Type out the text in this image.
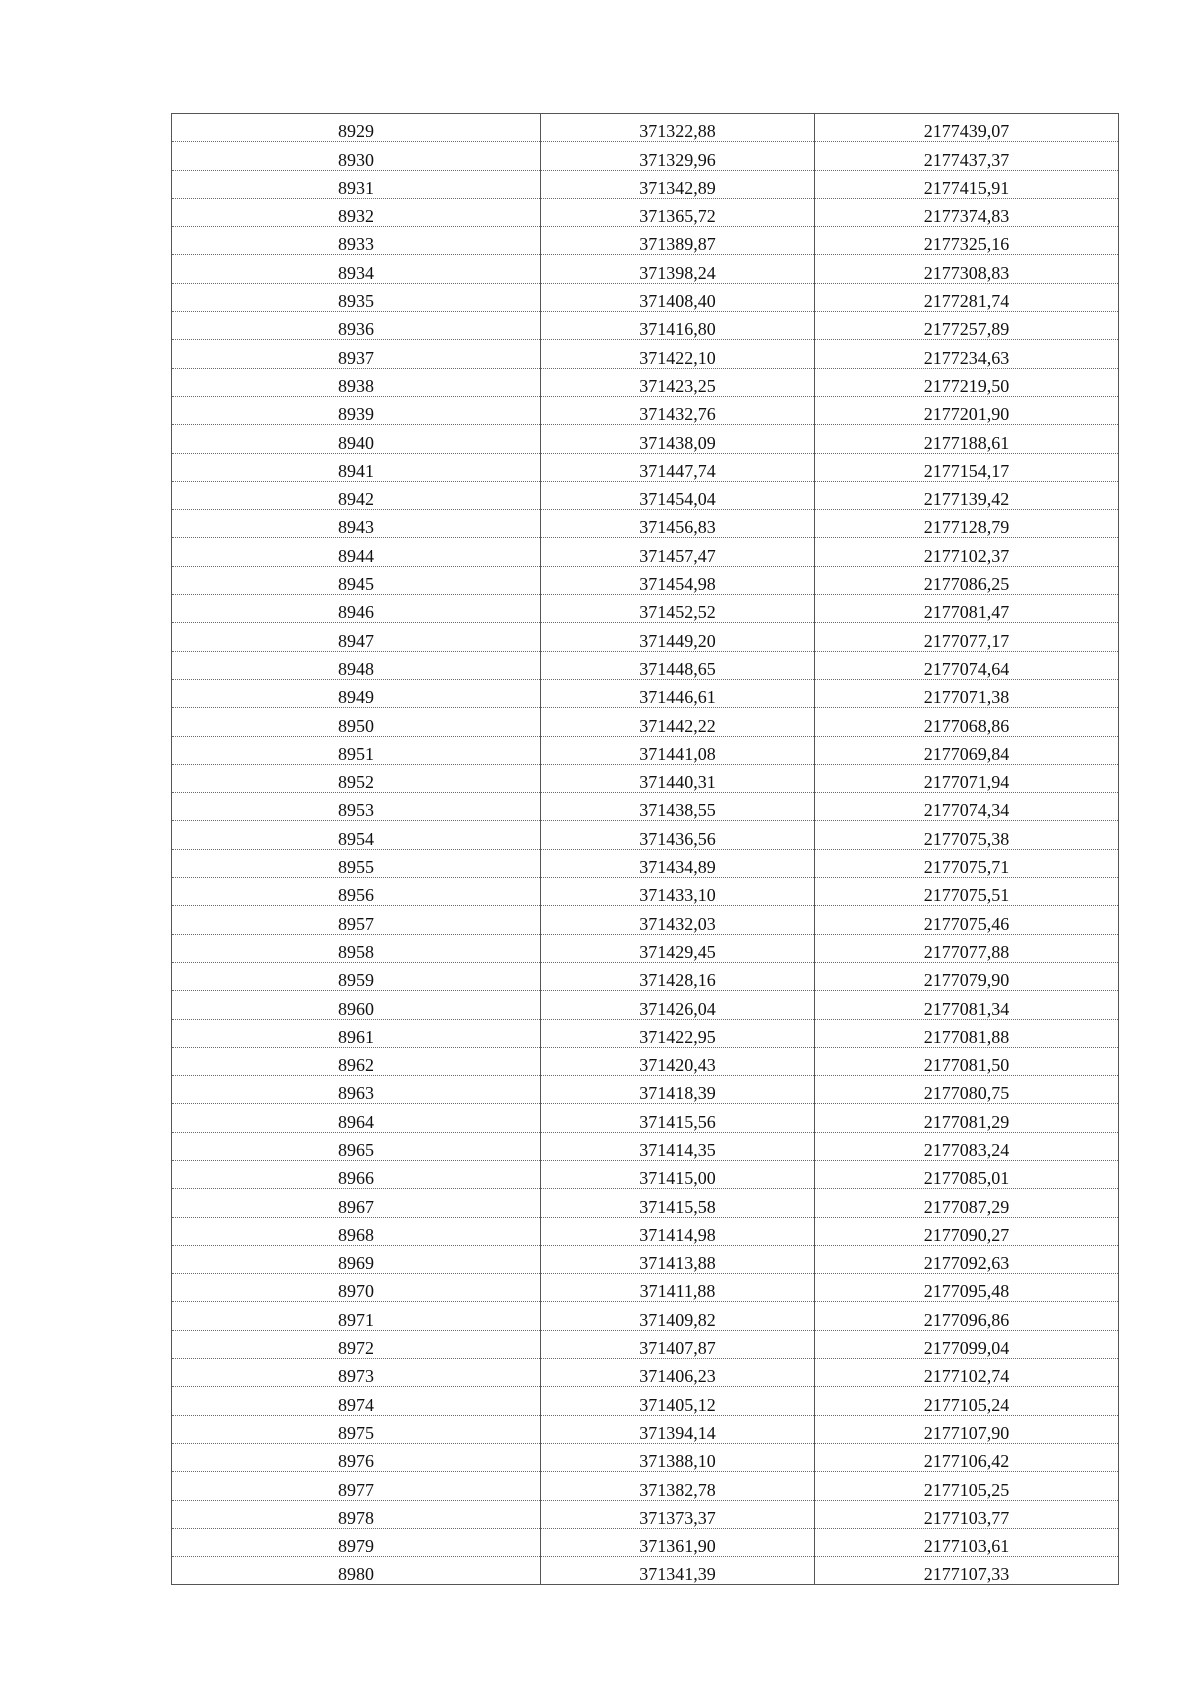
8929	371322,88	2177439,07
8930	371329,96	2177437,37
8931	371342,89	2177415,91
8932	371365,72	2177374,83
8933	371389,87	2177325,16
8934	371398,24	2177308,83
8935	371408,40	2177281,74
8936	371416,80	2177257,89
8937	371422,10	2177234,63
8938	371423,25	2177219,50
8939	371432,76	2177201,90
8940	371438,09	2177188,61
8941	371447,74	2177154,17
8942	371454,04	2177139,42
8943	371456,83	2177128,79
8944	371457,47	2177102,37
8945	371454,98	2177086,25
8946	371452,52	2177081,47
8947	371449,20	2177077,17
8948	371448,65	2177074,64
8949	371446,61	2177071,38
8950	371442,22	2177068,86
8951	371441,08	2177069,84
8952	371440,31	2177071,94
8953	371438,55	2177074,34
8954	371436,56	2177075,38
8955	371434,89	2177075,71
8956	371433,10	2177075,51
8957	371432,03	2177075,46
8958	371429,45	2177077,88
8959	371428,16	2177079,90
8960	371426,04	2177081,34
8961	371422,95	2177081,88
8962	371420,43	2177081,50
8963	371418,39	2177080,75
8964	371415,56	2177081,29
8965	371414,35	2177083,24
8966	371415,00	2177085,01
8967	371415,58	2177087,29
8968	371414,98	2177090,27
8969	371413,88	2177092,63
8970	371411,88	2177095,48
8971	371409,82	2177096,86
8972	371407,87	2177099,04
8973	371406,23	2177102,74
8974	371405,12	2177105,24
8975	371394,14	2177107,90
8976	371388,10	2177106,42
8977	371382,78	2177105,25
8978	371373,37	2177103,77
8979	371361,90	2177103,61
8980	371341,39	2177107,33
